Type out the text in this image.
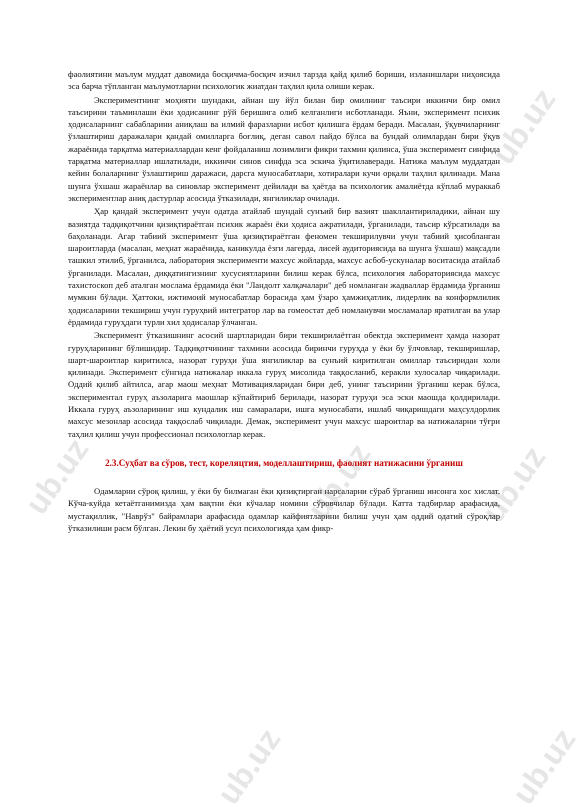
ub.uz
ub.uz	ub.uz	ub.uz
ub.uz	ub.uz

фаолиятини маълум муддат давомида босқичма-босқич изчил тарзда қайд қилиб бориши, изланишлари ниҳоясида эса барча тўпланган маълумотларни психологик жиатдан таҳлил қила олиши керак.

Экспериментнинг моҳияти шундаки, айнан шу йўл билан бир омилнинг таъсири иккинчи бир омил таъсирини таъминлаши ёки ҳодисанинг рўй беришига олиб келганлиги исботланади. Яъни, эксперимент психик ҳодисаларнинг сабабларини аниқлаш ва илмий фаразларни исбот қилишга ёрдам беради. Масалан, ўқувчиларнинг ўзлаштириш даражалари қандай омилларга боғлиқ, деган савол пайдо бўлса ва бундай олимлардан бири ўқув жараёнида тарқатма материаллардан кенг фойдаланиш лозимлиги фикри тахмин қилинса, ўша эксперимент синфида тарқатма материаллар ишлатилади, иккинчи синов синфда эса эскича ўқитилаверади. Натижа маълум муддатдан кейин болаларнинг ўзлаштириш даражаси, дарсга муносабатлари, хотиралари кучи орқали таҳлил қилинади. Мана шунга ўхшаш жараёнлар ва синовлар эксперимент дейилади ва ҳаётда ва психологик амалиётда кўплаб мураккаб экспериментлар аниқ дастурлар асосида ўтказилади, янгиликлар очилади.

Ҳар қандай эксперимент учун одатда атайлаб шундай сунъий бир вазият шакллантириладики, айнан шу вазиятда тадқиқотчини қизиқтираётган психик жараён ёки ҳодиса ажратилади, ўрганилади, таъсир кўрсатилади ва баҳоланади. Агар табиий эксперимент ўша қизиқтираётган феномен текширилувчи учун табиий ҳисобланган шароитларда (масалан, меҳнат жараёнида, каникулда ёзги лагерда, лисей аудиториясида ва шунга ўхшаш) мақсадли ташкил этилиб, ўрганилса, лаборатория эксперименти махсус жойларда, махсус асбоб-ускуналар воситасида атайлаб ўрганилади. Масалан, диққатингизнинг хусусиятларини билиш керак бўлса, психология лабораториясида махсус тахистоскоп деб аталган мослама ёрдамида ёки "Ландолт халқачалари" деб номланган жадваллар ёрдамида ўрганиш мумкин бўлади. Ҳаттоки, ижтимоий муносабатлар борасида ҳам ўзаро ҳамжиҳатлик, лидерлик ва конформлилик ҳодисаларини текшириш учун гуруҳвий интегратор лар ва гомеостат деб номланувчи мосламалар яратилган ва улар ёрдамида гуруҳдаги турли хил ҳодисалар ўлчанган.

Эксперимент ўтказишнинг асосий шартларидан бири текширилаётган обектда эксперимент ҳамда назорат гуруҳларининг бўлишидир. Тадқиқотчининг тахмини асосида биринчи гуруҳда у ёки бу ўлчовлар, текширишлар, шарт-шароитлар киритилса, назорат гуруҳи ўша янгиликлар ва сунъий киритилган омиллар таъсиридан холи қилинади. Эксперимент сўнгида натижалар иккала гуруҳ мисолида таққосланиб, керакли хулосалар чиқарилади. Оддий қилиб айтилса, агар маош меҳнат Мотивацияларидан бири деб, унинг таъсирини ўрганиш керак бўлса, экспериментал гуруҳ аъзоларига маошлар кўпайтириб берилади, назорат гуруҳи эса эски маошда қолдирилади. Иккала гуруҳ аъзоларининг иш кундалик иш самаралари, ишга муносабати, ишлаб чиқаришдаги маҳсулдорлик махсус мезонлар асосида таққослаб чиқилади. Демак, эксперимент учун махсус шароитлар ва натижаларни тўғри таҳлил қилиш учун профессионал психологлар керак.

2.3.Суҳбат ва сўров, тест, кореляцтия, моделлаштириш, фаолият натижасини ўрганиш

Одамларни сўроқ қилиш, у ёки бу билмаган ёки қизиқтирган нарсаларни сўраб ўрганиш инсонга хос хислат. Кўча-куйда кетаётганимизда ҳам вақтни ёки кўчалар номини сўровчилар бўлади. Катта тадбирлар арафасида, мустақиллик, "Наврўз" байрамлари арафасида одамлар кайфиятларини билиш учун ҳам оддий одатий сўроқлар ўтказилиши расм бўлган. Лекин бу ҳаётий усул психологияда ҳам фикр-
